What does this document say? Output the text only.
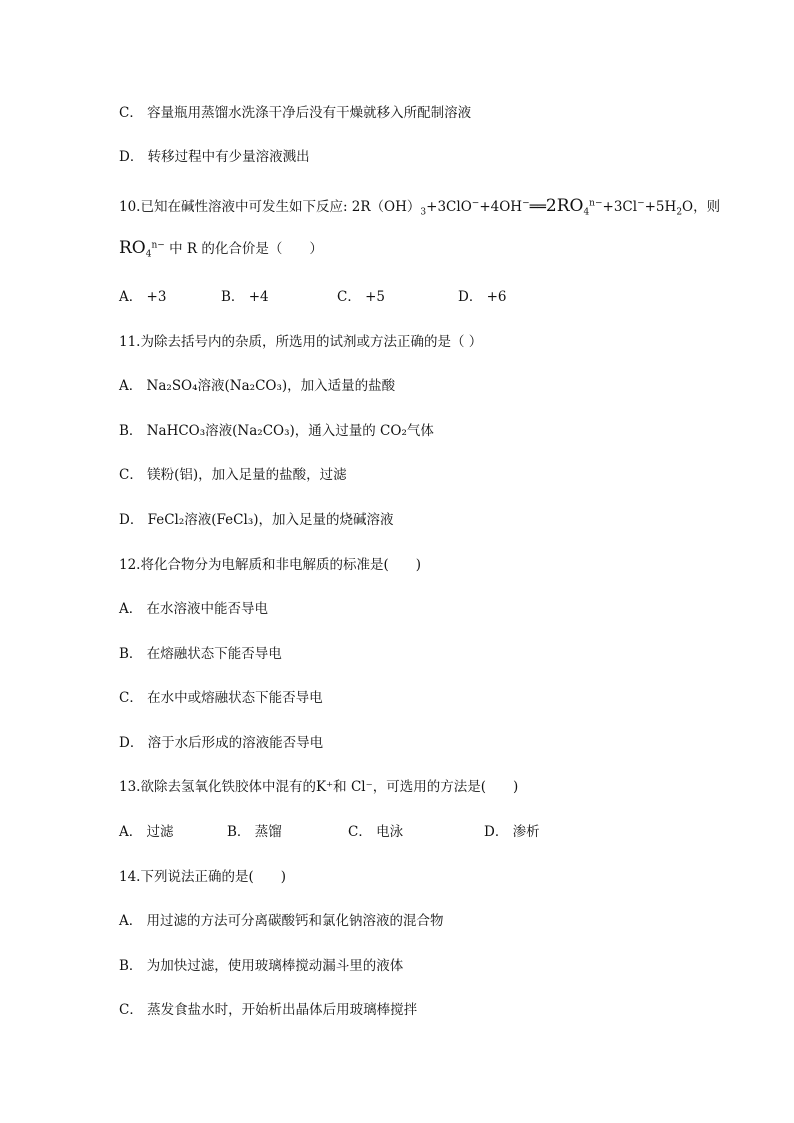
C． 容量瓶用蒸馏水洗涤干净后没有干燥就移入所配制溶液
D． 转移过程中有少量溶液溅出
10.已知在碱性溶液中可发生如下反应: $2R(OH)_3+3ClO^-+4OH^-══2RO_4^{n-}+3Cl^-+5H_2O$，则
$RO_4^{n-}$ 中 R 的化合价是（　　）
A． +3	B． +4	C． +5	D． +6
11.为除去括号内的杂质，所选用的试剂或方法正确的是（ ）
A． Na₂SO₄溶液(Na₂CO₃)，加入适量的盐酸
B． NaHCO₃溶液(Na₂CO₃)，通入过量的 CO₂气体
C． 镁粉(铝)，加入足量的盐酸，过滤
D． FeCl₂溶液(FeCl₃)，加入足量的烧碱溶液
12.将化合物分为电解质和非电解质的标准是(　　)
A． 在水溶液中能否导电
B． 在熔融状态下能否导电
C． 在水中或熔融状态下能否导电
D． 溶于水后形成的溶液能否导电
13.欲除去氢氧化铁胶体中混有的K⁺和 Cl⁻，可选用的方法是(　　)
A． 过滤	B． 蒸馏	C． 电泳	D． 渗析
14.下列说法正确的是(　　)
A． 用过滤的方法可分离碳酸钙和氯化钠溶液的混合物
B． 为加快过滤，使用玻璃棒搅动漏斗里的液体
C． 蒸发食盐水时，开始析出晶体后用玻璃棒搅拌
